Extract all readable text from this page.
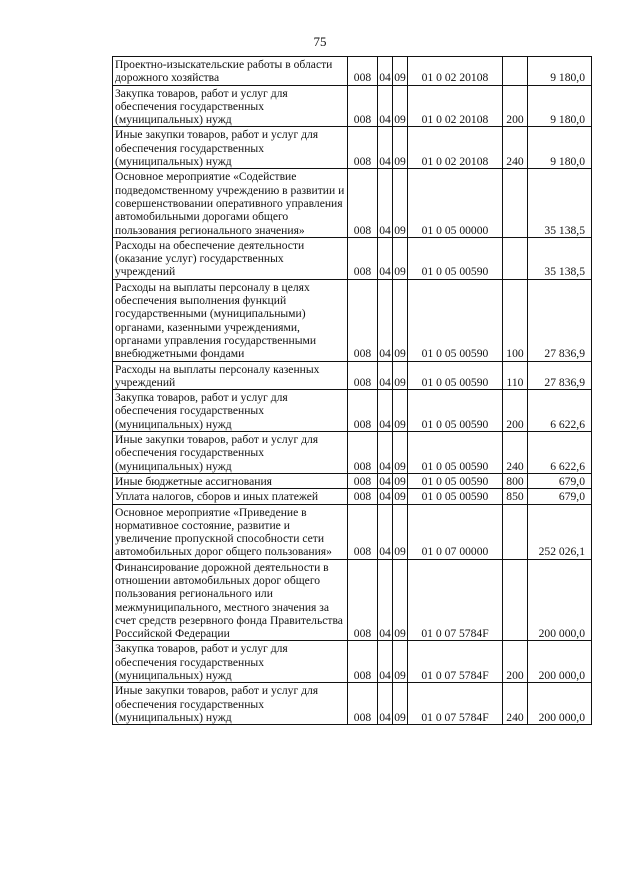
75
Проектно-изыскательские работы в области дорожного хозяйства	008	04	09	01 0 02 20108		9 180,0
Закупка товаров, работ и услуг для обеспечения государственных (муниципальных) нужд	008	04	09	01 0 02 20108	200	9 180,0
Иные закупки товаров, работ и услуг для обеспечения государственных (муниципальных) нужд	008	04	09	01 0 02 20108	240	9 180,0
Основное мероприятие «Содействие подведомственному учреждению в развитии и совершенствовании оперативного управления автомобильными дорогами общего пользования регионального значения»	008	04	09	01 0 05 00000		35 138,5
Расходы на обеспечение деятельности (оказание услуг) государственных учреждений	008	04	09	01 0 05 00590		35 138,5
Расходы на выплаты персоналу в целях обеспечения выполнения функций государственными (муниципальными) органами, казенными учреждениями, органами управления государственными внебюджетными фондами	008	04	09	01 0 05 00590	100	27 836,9
Расходы на выплаты персоналу казенных учреждений	008	04	09	01 0 05 00590	110	27 836,9
Закупка товаров, работ и услуг для обеспечения государственных (муниципальных) нужд	008	04	09	01 0 05 00590	200	6 622,6
Иные закупки товаров, работ и услуг для обеспечения государственных (муниципальных) нужд	008	04	09	01 0 05 00590	240	6 622,6
Иные бюджетные ассигнования	008	04	09	01 0 05 00590	800	679,0
Уплата налогов, сборов и иных платежей	008	04	09	01 0 05 00590	850	679,0
Основное мероприятие «Приведение в нормативное состояние, развитие и увеличение пропускной способности сети автомобильных дорог общего пользования»	008	04	09	01 0 07 00000		252 026,1
Финансирование дорожной деятельности в отношении автомобильных дорог общего пользования регионального или межмуниципального, местного значения за счет средств резервного фонда Правительства Российской Федерации	008	04	09	01 0 07 5784F		200 000,0
Закупка товаров, работ и услуг для обеспечения государственных (муниципальных) нужд	008	04	09	01 0 07 5784F	200	200 000,0
Иные закупки товаров, работ и услуг для обеспечения государственных (муниципальных) нужд	008	04	09	01 0 07 5784F	240	200 000,0
